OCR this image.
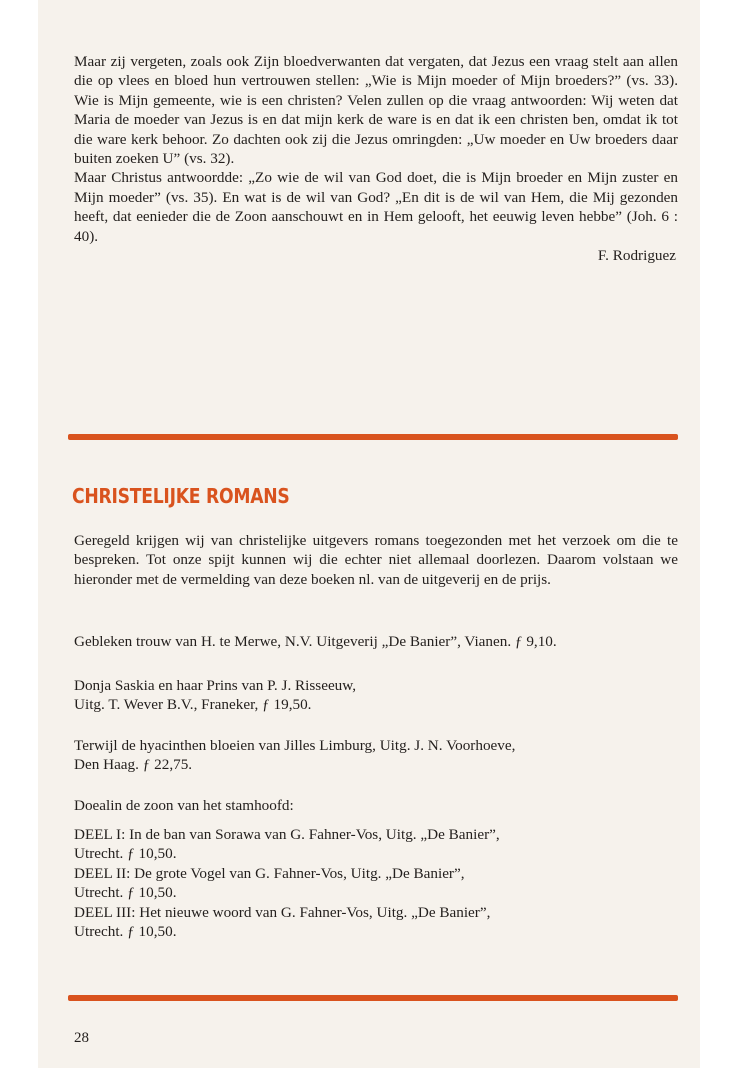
Maar zij vergeten, zoals ook Zijn bloedverwanten dat vergaten, dat Jezus een vraag stelt aan allen die op vlees en bloed hun vertrouwen stellen: „Wie is Mijn moeder of Mijn broeders?” (vs. 33). Wie is Mijn gemeente, wie is een christen? Velen zullen op die vraag antwoorden: Wij weten dat Maria de moeder van Jezus is en dat mijn kerk de ware is en dat ik een christen ben, omdat ik tot die ware kerk behoor. Zo dachten ook zij die Jezus omringden: „Uw moeder en Uw broeders daar buiten zoeken U” (vs. 32).

Maar Christus antwoordde: „Zo wie de wil van God doet, die is Mijn broeder en Mijn zuster en Mijn moeder” (vs. 35). En wat is de wil van God? „En dit is de wil van Hem, die Mij gezonden heeft, dat eenieder die de Zoon aanschouwt en in Hem gelooft, het eeuwig leven hebbe” (Joh. 6 : 40).

F. Rodriguez

CHRISTELIJKE ROMANS

Geregeld krijgen wij van christelijke uitgevers romans toegezonden met het verzoek om die te bespreken. Tot onze spijt kunnen wij die echter niet allemaal doorlezen. Daarom volstaan we hieronder met de vermelding van deze boeken nl. van de uitgeverij en de prijs.

Gebleken trouw van H. te Merwe, N.V. Uitgeverij „De Banier”, Vianen. ƒ 9,10.

Donja Saskia en haar Prins van P. J. Risseeuw,
Uitg. T. Wever B.V., Franeker, ƒ 19,50.

Terwijl de hyacinthen bloeien van Jilles Limburg, Uitg. J. N. Voorhoeve,
Den Haag. ƒ 22,75.

Doealin de zoon van het stamhoofd:

DEEL I: In de ban van Sorawa van G. Fahner-Vos, Uitg. „De Banier”,
Utrecht. ƒ 10,50.
DEEL II: De grote Vogel van G. Fahner-Vos, Uitg. „De Banier”,
Utrecht. ƒ 10,50.
DEEL III: Het nieuwe woord van G. Fahner-Vos, Uitg. „De Banier”,
Utrecht. ƒ 10,50.

28
